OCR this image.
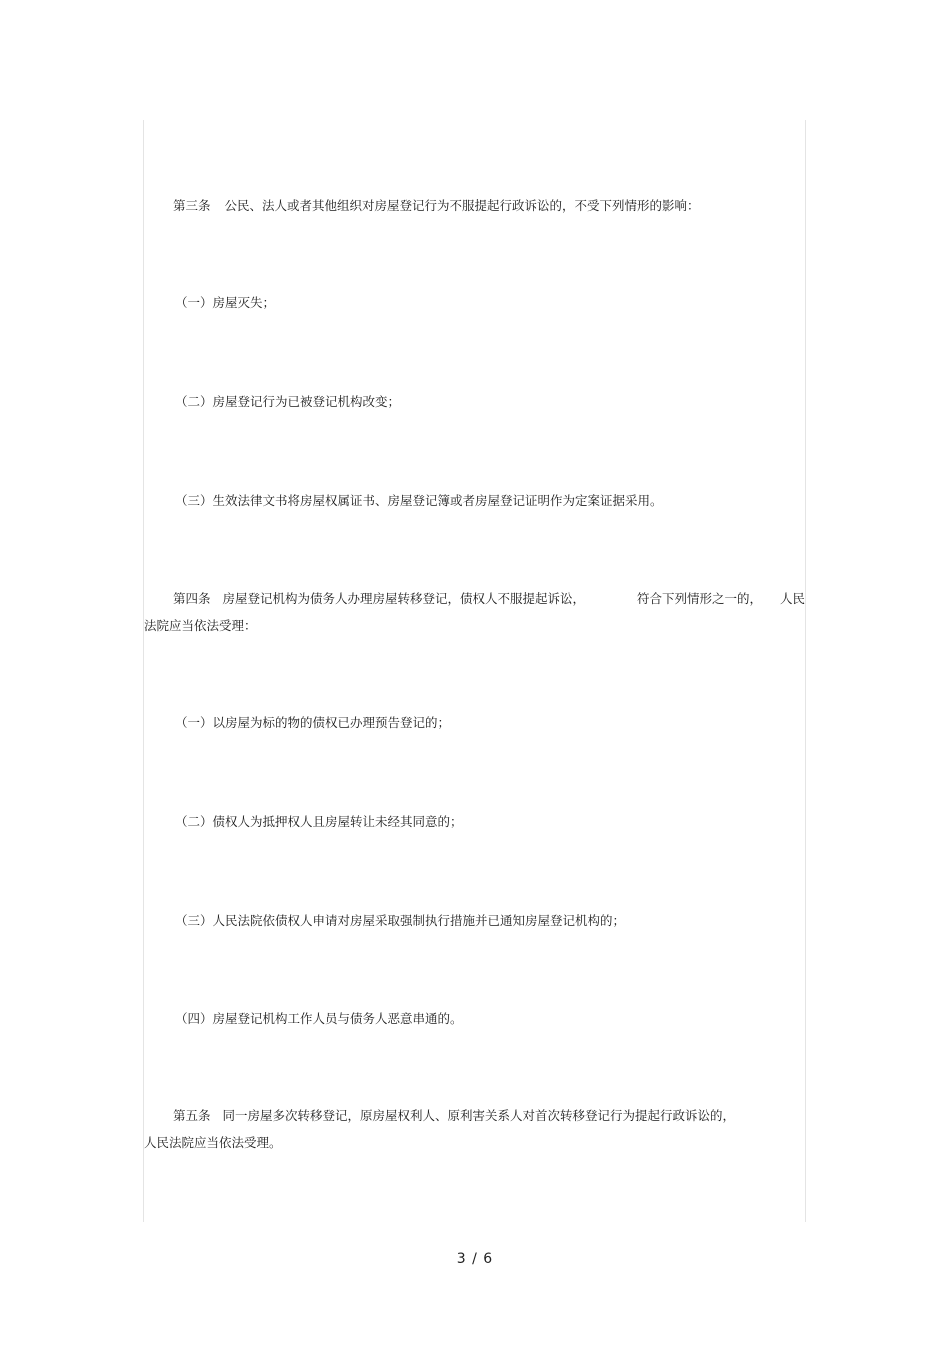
第三条 公民、法人或者其他组织对房屋登记行为不服提起行政诉讼的，不受下列情形的影响：
（一）房屋灭失；
（二）房屋登记行为已被登记机构改变；
（三）生效法律文书将房屋权属证书、房屋登记簿或者房屋登记证明作为定案证据采用。
第四条 房屋登记机构为债务人办理房屋转移登记，债权人不服提起诉讼，	符合下列情形之一的， 人民
法院应当依法受理：
（一）以房屋为标的物的债权已办理预告登记的；
（二）债权人为抵押权人且房屋转让未经其同意的；
（三）人民法院依债权人申请对房屋采取强制执行措施并已通知房屋登记机构的；
（四）房屋登记机构工作人员与债务人恶意串通的。
第五条 同一房屋多次转移登记，原房屋权利人、原利害关系人对首次转移登记行为提起行政诉讼的，
人民法院应当依法受理。
3 / 6
